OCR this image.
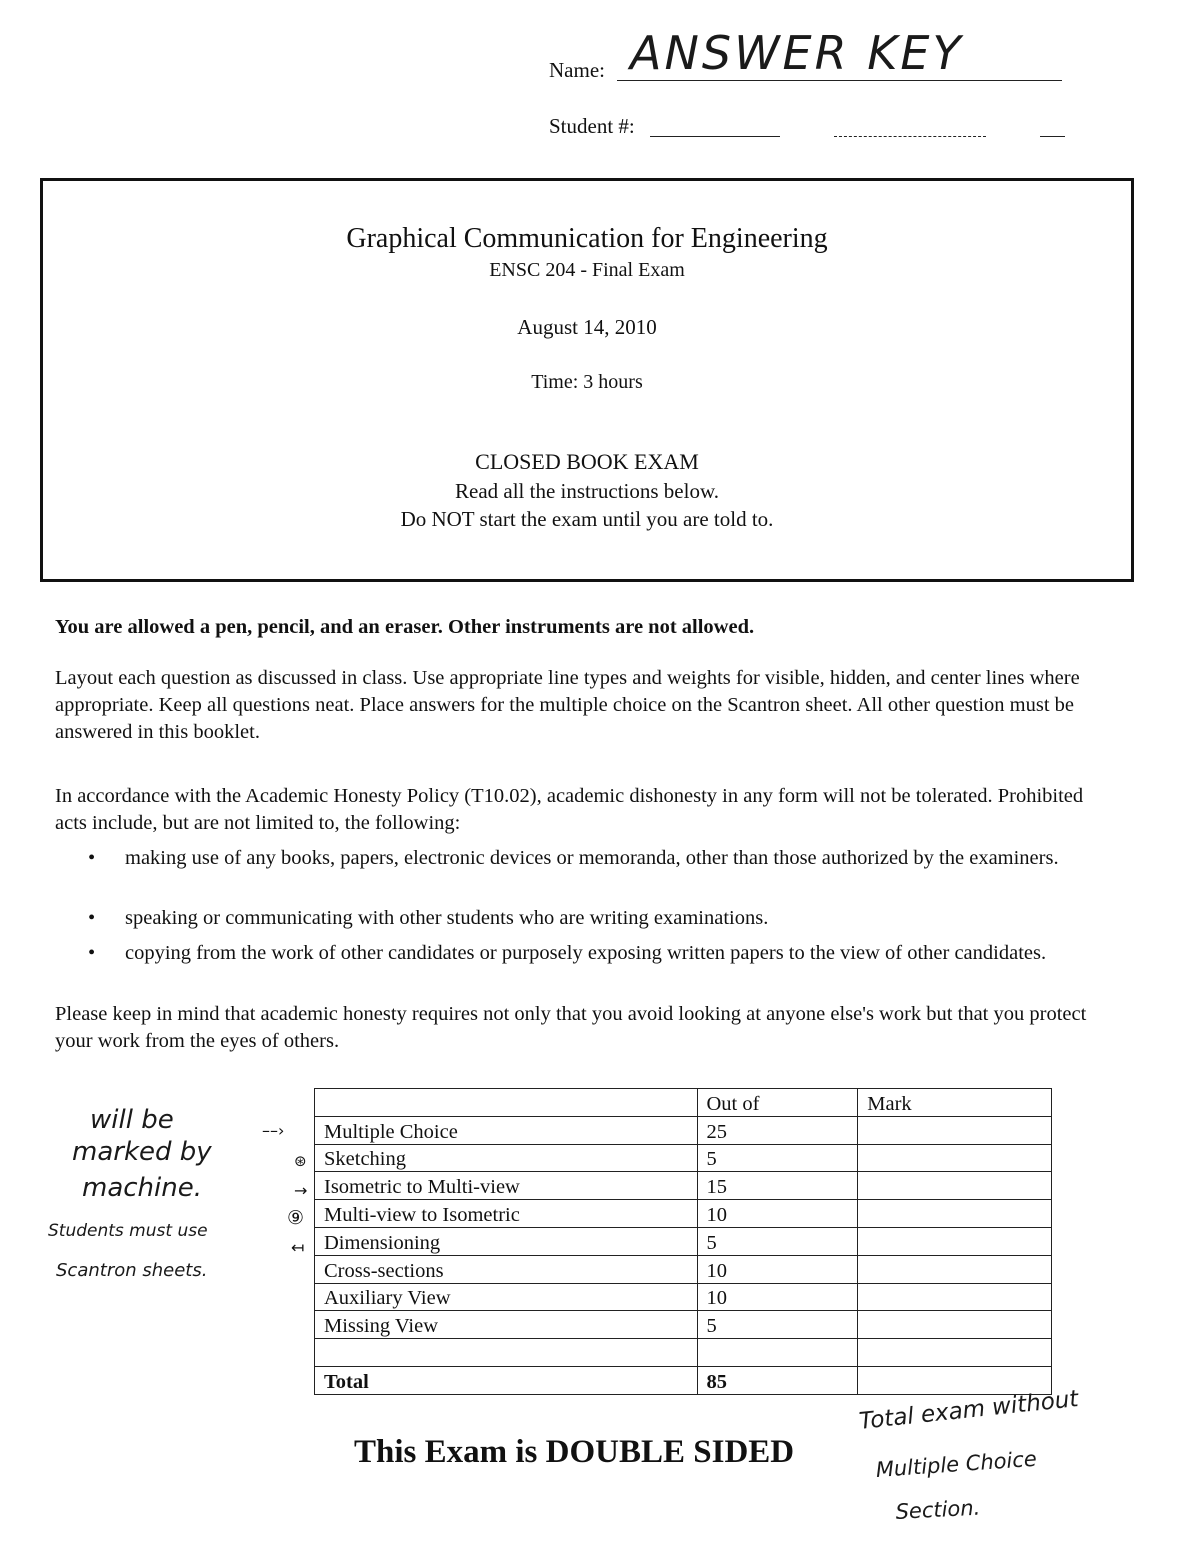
Name: ANSWER KEY
Student #:
Graphical Communication for Engineering
ENSC 204 - Final Exam
August 14, 2010
Time: 3 hours
CLOSED BOOK EXAM
Read all the instructions below.
Do NOT start the exam until you are told to.
You are allowed a pen, pencil, and an eraser. Other instruments are not allowed.
Layout each question as discussed in class. Use appropriate line types and weights for visible, hidden, and center lines where appropriate. Keep all questions neat. Place answers for the multiple choice on the Scantron sheet. All other question must be answered in this booklet.
In accordance with the Academic Honesty Policy (T10.02), academic dishonesty in any form will not be tolerated. Prohibited acts include, but are not limited to, the following:
• making use of any books, papers, electronic devices or memoranda, other than those authorized by the examiners.
• speaking or communicating with other students who are writing examinations.
• copying from the work of other candidates or purposely exposing written papers to the view of other candidates.
Please keep in mind that academic honesty requires not only that you avoid looking at anyone else's work but that you protect your work from the eyes of others.
	Out of	Mark
Multiple Choice	25	
Sketching	5	
Isometric to Multi-view	15	
Multi-view to Isometric	10	
Dimensioning	5	
Cross-sections	10	
Auxiliary View	10	
Missing View	5	

Total	85	
will be
marked by
machine.
Students must use
Scantron sheets.
––›
⊛
→
⑨
↤
Total exam without
Multiple Choice
Section.
This Exam is DOUBLE SIDED
